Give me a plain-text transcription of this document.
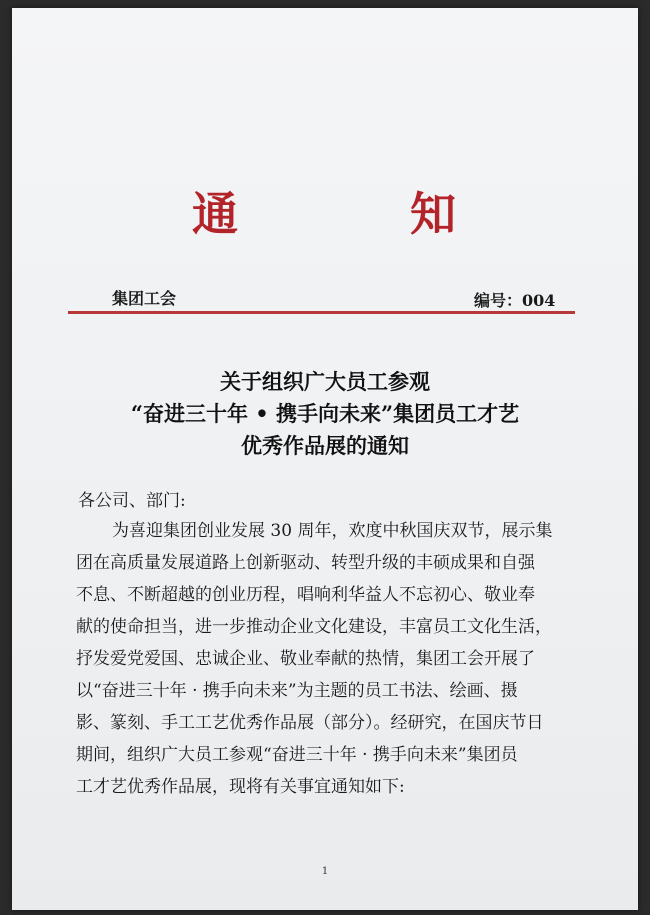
通	知
集团工会	编号：004
关于组织广大员工参观
“奋进三十年 • 携手向未来”集团员工才艺
优秀作品展的通知
各公司、部门:
为喜迎集团创业发展 30 周年，欢度中秋国庆双节，展示集
团在高质量发展道路上创新驱动、转型升级的丰硕成果和自强
不息、不断超越的创业历程，唱响利华益人不忘初心、敬业奉
献的使命担当，进一步推动企业文化建设，丰富员工文化生活，
抒发爱党爱国、忠诚企业、敬业奉献的热情，集团工会开展了
以“奋进三十年 · 携手向未来”为主题的员工书法、绘画、摄
影、篆刻、手工工艺优秀作品展（部分）。经研究，在国庆节日
期间，组织广大员工参观“奋进三十年 · 携手向未来”集团员
工才艺优秀作品展，现将有关事宜通知如下:
1
